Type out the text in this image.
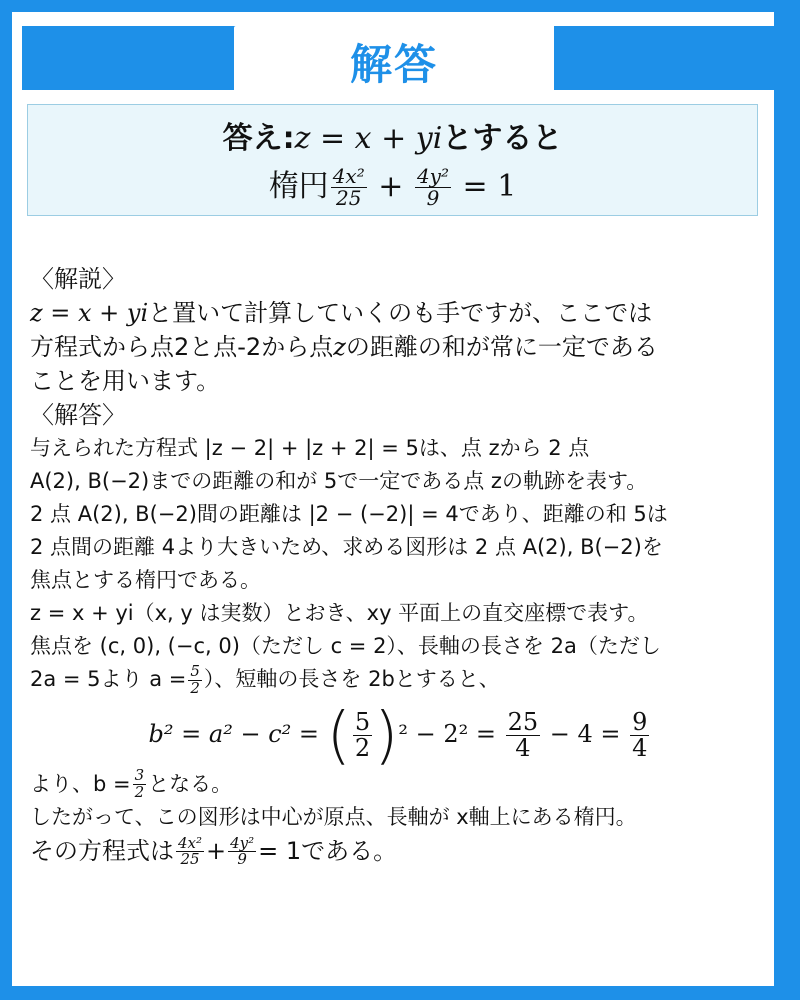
解答
答え:z = x + yiとすると
楕円 $\frac{\text{4x²}}{25} + \frac{\text{4y²}}{9} = 1$
〈解説〉
z = x + yiと置いて計算していくのも手ですが、ここでは
方程式から点2と点-2から点zの距離の和が常に一定である
ことを用います。
〈解答〉
与えられた方程式 |z − 2| + |z + 2| = 5は、点 zから 2 点
A(2), B(−2)までの距離の和が 5で一定である点 zの軌跡を表す。
2 点 A(2), B(−2)間の距離は |2 − (−2)| = 4であり、距離の和 5は
2 点間の距離 4より大きいため、求める図形は 2 点 A(2), B(−2)を
焦点とする楕円である。
z = x + yi（x, y は実数）とおき、xy 平面上の直交座標で表す。
焦点を (c, 0), (−c, 0)（ただし c = 2）、長軸の長さを 2a（ただし
2a = 5より $a = \frac{5}{2}$ ）、短軸の長さを 2bとすると、
b² = a² − c² = ( $\frac{5}{2} )^2 - 2^2 = \frac{25}{4} - 4 = \frac{9}{4}$
より、$b = \frac{3}{2}$ となる。
したがって、この図形は中心が原点、長軸が x軸上にある楕円。
その方程式は $\frac{\text{4x²}}{25} + \frac{\text{4y²}}{9} = 1$である。
